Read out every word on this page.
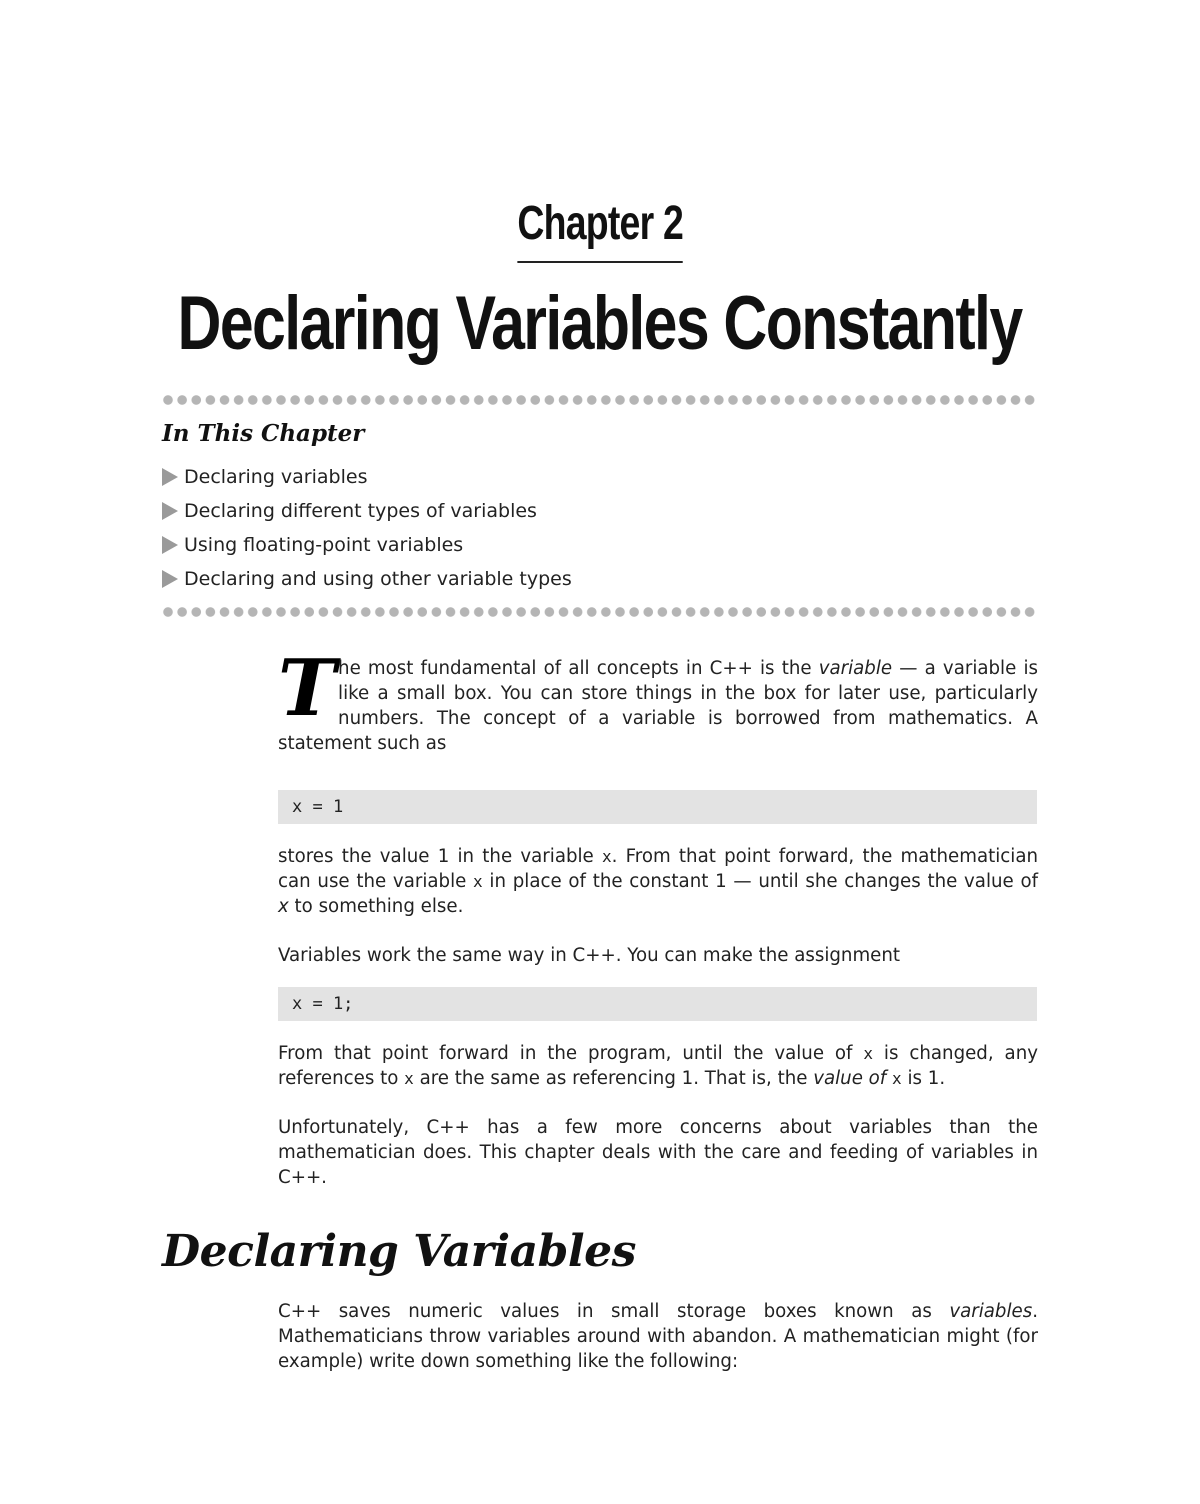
Chapter 2
Declaring Variables Constantly
In This Chapter
Declaring variables
Declaring different types of variables
Using floating-point variables
Declaring and using other variable types

The most fundamental of all concepts in C++ is the variable — a variable is like a small box. You can store things in the box for later use, particularly numbers. The concept of a variable is borrowed from mathematics. A statement such as

x = 1

stores the value 1 in the variable x. From that point forward, the mathematician can use the variable x in place of the constant 1 — until she changes the value of x to something else.

Variables work the same way in C++. You can make the assignment

x = 1;

From that point forward in the program, until the value of x is changed, any references to x are the same as referencing 1. That is, the value of x is 1.

Unfortunately, C++ has a few more concerns about variables than the mathematician does. This chapter deals with the care and feeding of variables in C++.

Declaring Variables

C++ saves numeric values in small storage boxes known as variables. Mathematicians throw variables around with abandon. A mathematician might (for example) write down something like the following:
